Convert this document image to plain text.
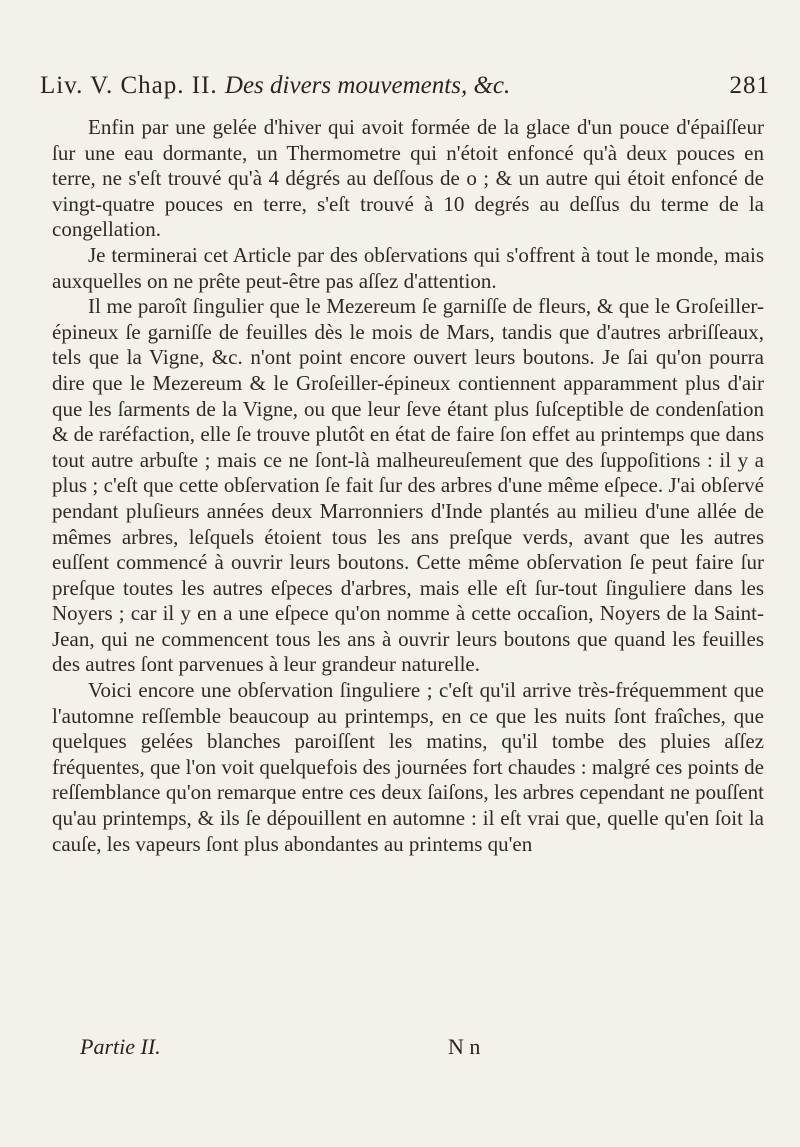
Liv. V. Chap. II. Des divers mouvements, &c.	281

Enfin par une gelée d'hiver qui avoit formée de la glace d'un pouce d'épaiſſeur ſur une eau dormante, un Thermometre qui n'étoit enfoncé qu'à deux pouces en terre, ne s'eſt trouvé qu'à 4 dégrés au deſſous de o ; & un autre qui étoit enfoncé de vingt-quatre pouces en terre, s'eſt trouvé à 10 degrés au deſſus du terme de la congellation.

Je terminerai cet Article par des obſervations qui s'offrent à tout le monde, mais auxquelles on ne prête peut-être pas aſſez d'attention.

Il me paroît ſingulier que le Mezereum ſe garniſſe de fleurs, & que le Groſeiller-épineux ſe garniſſe de feuilles dès le mois de Mars, tandis que d'autres arbriſſeaux, tels que la Vigne, &c. n'ont point encore ouvert leurs boutons. Je ſai qu'on pourra dire que le Mezereum & le Groſeiller-épineux contiennent apparamment plus d'air que les ſarments de la Vigne, ou que leur ſeve étant plus ſuſceptible de condenſation & de raréfaction, elle ſe trouve plutôt en état de faire ſon effet au printemps que dans tout autre arbuſte ; mais ce ne ſont-là malheureuſement que des ſuppoſitions : il y a plus ; c'eſt que cette obſervation ſe fait ſur des arbres d'une même eſpece. J'ai obſervé pendant pluſieurs années deux Marronniers d'Inde plantés au milieu d'une allée de mêmes arbres, leſquels étoient tous les ans preſque verds, avant que les autres euſſent commencé à ouvrir leurs boutons. Cette même obſervation ſe peut faire ſur preſque toutes les autres eſpeces d'arbres, mais elle eſt ſur-tout ſinguliere dans les Noyers ; car il y en a une eſpece qu'on nomme à cette occaſion, Noyers de la Saint-Jean, qui ne commencent tous les ans à ouvrir leurs boutons que quand les feuilles des autres ſont parvenues à leur grandeur naturelle.

Voici encore une obſervation ſinguliere ; c'eſt qu'il arrive très-fréquemment que l'automne reſſemble beaucoup au printemps, en ce que les nuits ſont fraîches, que quelques gelées blanches paroiſſent les matins, qu'il tombe des pluies aſſez fréquentes, que l'on voit quelquefois des journées fort chaudes : malgré ces points de reſſemblance qu'on remarque entre ces deux ſaiſons, les arbres cependant ne pouſſent qu'au printemps, & ils ſe dépouillent en automne : il eſt vrai que, quelle qu'en ſoit la cauſe, les vapeurs ſont plus abondantes au printems qu'en

Partie II.	N n
